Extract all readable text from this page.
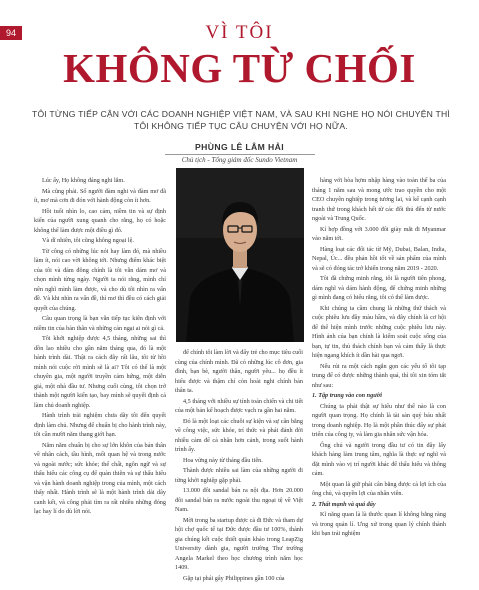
94	VÌ TÔI
KHÔNG TỪ CHỐI
TÔI TỪNG TIẾP CẬN VỚI CÁC DOANH NGHIỆP VIỆT NAM, VÀ SAU KHI NGHE HỌ NÓI CHUYỆN THÌ TÔI KHÔNG TIẾP TỤC CÂU CHUYỆN VỚI HỌ NỮA.
PHÙNG LÊ LÂM HẢI
Chủ tịch - Tổng giám đốc Sundo Vietnam

Lúc ấy, Họ không đáng nghi lắm.

Mà cũng phải. Số người đàm nghi và đàm mơ đã ít, mơ mà cơn đi đón với hành động còn ít hơn.

Hồi tuổi nhìn lo, cao cảm, niềm tin và sự định kiến của người xung quanh cho rằng, họ có hoặc không thể làm được một điều gì đó.

Và dĩ nhiên, tôi cũng không ngoại lệ.

Từ công có những lúc nói hay làm đó, mà nhiều làm ít, nói cao vời không tới. Nhưng điểm khác biệt của tôi và đám đông chính là tôi vẫn dám mơ và chọn mình từng ngày. Người ta nói rằng, mình chỉ nên nghĩ mình làm được, và cho dù tôi nhìn ra vấn đề. Và khi nhìn ra vấn đề, thì mơ thì đều có cách giải quyết của chúng.

Câu quan trọng là bạn vẫn tiếp tục kiên định với niềm tin của bản thân và những cản ngại ai nói gì cả.

Tôi khởi nghiệp được 4,5 tháng, những sai thì dồn lao nhiều cho gần năm tháng qua, đó là một hành trình dài. Thật ra cách đây rất lâu, tôi từ hồi mình nói cuộc rời mình sẽ là ai? Tôi có thể là một chuyên gia, một người truyền cảm hứng, một diễn giả, một nhà đầu tư. Nhưng cuối cùng, tôi chọn trở thành một người kiến tạo, bay mình sẽ quyết định cả làm chủ doanh nghiệp.

Hành trình trải nghiệm chưa dãy tôi đến quyết định làm chủ. Nhưng để chuẩn bị cho hành trình này, tôi cần mười năm thang giới hạn.

Năm năm chuẩn bị cho sự lớn khôn của bản thân về nhân cách, tầu hình, mối quan hệ và trong nước và ngoài nước; sức khỏe; thể chất, ngôn ngữ và sự thấu hiểu các công cụ để quản thiên và sự thấu hiểu và vận hành doanh nghiệp trong của mình, một cách thấy nhất. Hành trình sẽ là một hành trình dài dây canh kết, và công phải tìm ra rất nhiều những đóng lạc hay lí do dù lời nói.

để chính tôi làm lời và đẩy trẻ cho mục tiêu cuối cùng của chính mình. Đã có những lúc cô đơn, gia đình, bạn bè, người thân, người yêu... họ đều ít hiểu được và thậm chí còn hoài nghi chính bản thân ta.

4,5 tháng với nhiều sự tính toán chiến và chi tiết của một bản kế hoạch được vạch ra gần hai năm.

Đó là một loạt các chuỗi sự kiện và sự cân bằng về công việc, sức khỏe, trí thức và phát đảnh đời nhiều cảm để cả nhân hơn cảnh, trong suốt hành trình ấy.

Hoa vừng này từ tháng đầu tiên.

Thành được nhiều sai làm của những người đi từng khởi nghiệp gặp phải.

13.000 đôi sandal bán ra nội địa. Hơn 20.000 đôi sandal bán ra nước ngoài thu ngoại tệ về Việt Nam.

Mời trong ba startup được cả đi Đức và tham dự hội chợ quốc tế tại Đức được đầu tư 100%, thành gia chúng kết cuộc thiết quản khảo trong LeapZig University dành gia, người trường Thư trường Angela Markel theo học chương trình năm học 1409.

Gặp tại phái gây Philippines gần 100 của

hàng với hòa hợm nhập hàng vào toàn thế ba của tháng 1 năm sau và mong ước trao quyền cho một CEO chuyên nghiệp trong tương lai, và kế cạnh cạnh tranh thứ trong khách hết từ các đối thủ đến từ nước ngoài và Trung Quốc.

Kí hợp đồng với 3.000 đôi giày mắt đi Myanmar vào năm tới.

Hàng loạt các đối tác từ Mỹ, Dubai, Balan, India, Nepal, Úc... đều phản hồi tốt về sản phẩm của mình và sẽ có đóng tác trở khiến trong năm 2019 - 2020.

Tôi đã chứng minh rằng, tôi là người tiên phong, dám nghĩ và dám hành động, để chứng minh những gì mình đang có hiểu rằng, tôi có thể làm được.

Khi chúng ta cầm chung là những thứ thách và cuộc phiêu lưu đầy màu hầm, và đây chính là cơ hội để thể hiện mình trước những cuộc phiêu lưu này. Hình ảnh của bạn chính là kiểm soát cuộc sống của bạn, tự tin, thủ thách chính bạn và cảm thấy là thực hiện ngang khích ít dần hài qua ngơi.

Nếu rút ra một cách ngắn gọn các yếu tố tôi tạp trung để có được những thành quả, thì tôi xin tóm tắt như sau:

1. Tập trung vào con người

Chúng ta phải thật sự hiểu như thế nào là con người quan trọng. Họ chính là tài sản quý báu nhất trong doanh nghiệp. Họ là một phần thúc đẩy sự phát triển của công ty, và làm gia nhân sức vận hóa.

Ông chủ và người trong đầu tư có tin đây lấy khách hàng làm trung tâm, nghĩa là thực sự nghĩ và đặt mình vào vị trí người khác để thấu hiểu và thông cảm.

Một quan là giữ phải cân bằng được cả lợi ích của ông chủ, và quyền lợi của nhân viên.

2. Thất mạnh và quá đẩy

Kĩ năng quan là là thước quan lí không bằng ràng và trong quản lí. Ưng xử trong quan lý chính thành khi bạn trải nghiệm
